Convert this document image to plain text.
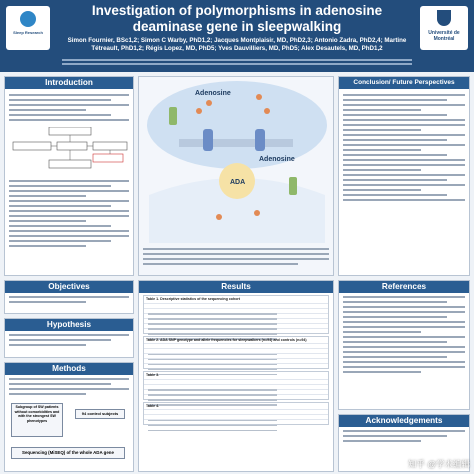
Sleep Research
Investigation of polymorphisms in adenosine deaminase gene in sleepwalking
Simon Fournier, BSc1,2; Simon C Warby, PhD1,2; Jacques Montplaisir, MD, PhD2,3; Antonio Zadra, PhD2,4; Martine Tétreault, PhD1,2; Régis Lopez, MD, PhD5; Yves Dauvilliers, MD, PhD5; Alex Desautels, MD, PhD1,2
Université de Montréal
Introduction
Objectives
Hypothesis
Methods
Subgroup of SW patients without comorbidities and with the strongest SW phenotypes
94 control subjects
Sequencing (MiSEQ) of the whole ADA gene
Adenosine
Adenosine
ADA
Results
Table 1. Descriptive statistics of the sequencing cohort
Table 2. ADA SNP genotype and allele frequencies for sleepwalkers (n=94) and controls (n=94)
Table 3.
Table 4.
Conclusion/ Future Perspectives
References
Acknowledgements
知乎 @学术编辑
